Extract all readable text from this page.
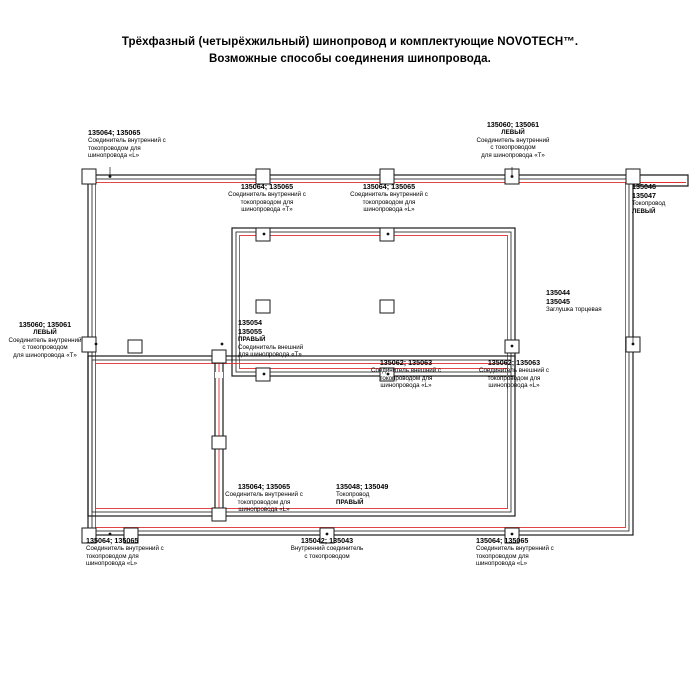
Трёхфазный (четырёхжильный) шинопровод и комплектующие NOVOTECH™.
Возможные способы соединения шинопровода.
135064; 135065
Соединитель внутренний с
токопроводом для
шинопровода «L»
135064; 135065
Соединитель внутренний с
токопроводом для
шинопровода «T»
135064; 135065
Соединитель внутренний с
токопроводом для
шинопровода «L»
135060; 135061
ЛЕВЫЙ
Соединитель внутренний
с токопроводом
для шинопровода «T»
135046
135047
Токопровод
ЛЕВЫЙ
135044
135045
Заглушка торцевая
135060; 135061
ЛЕВЫЙ
Соединитель внутренний
с токопроводом
для шинопровода «T»
135054
135055
ПРАВЫЙ
Соединитель внешний
для шинопровода «T»
135062; 135063
Соединитель внешний с
токопроводом для
шинопровода «L»
135062; 135063
Соединитель внешний с
токопроводом для
шинопровода «L»
135064; 135065
Соединитель внутренний с
токопроводом для
шинопровода «L»
135048; 135049
Токопровод
ПРАВЫЙ
135064; 135065
Соединитель внутренний с
токопроводом для
шинопровода «L»
135042; 135043
Внутренний соединитель
с токопроводом
135064; 135065
Соединитель внутренний с
токопроводом для
шинопровода «L»
